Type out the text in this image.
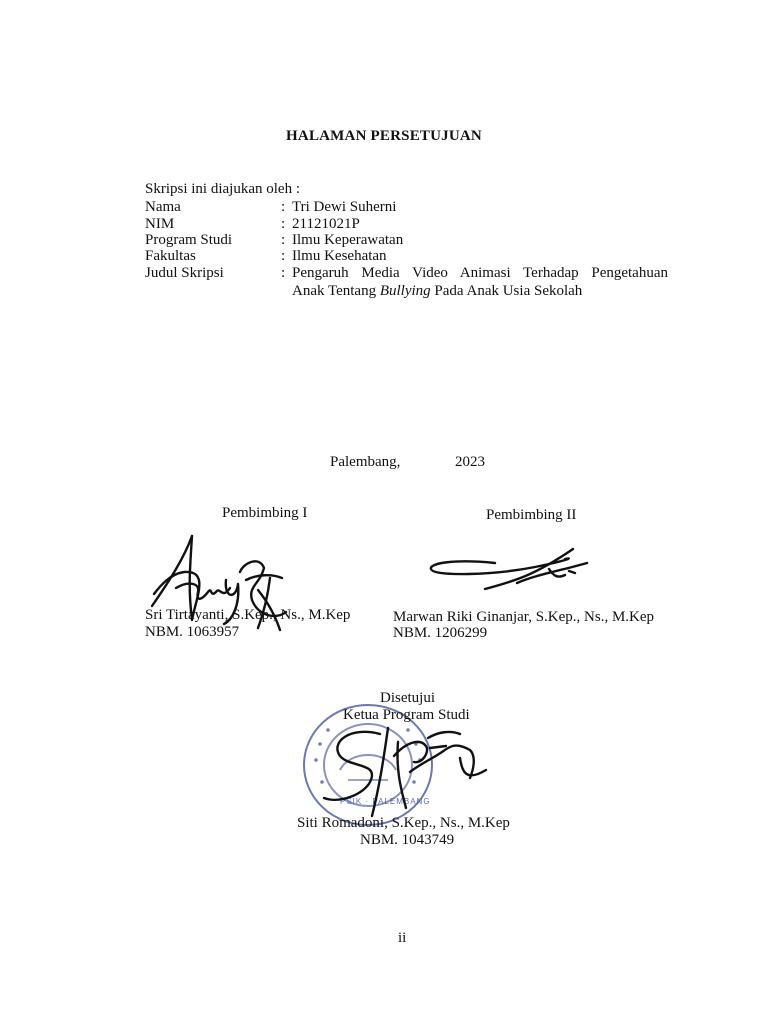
HALAMAN PERSETUJUAN
Skripsi ini diajukan oleh :
Nama	: Tri Dewi Suherni
NIM	: 21121021P
Program Studi	: Ilmu Keperawatan
Fakultas	: Ilmu Kesehatan
Judul Skripsi	: Pengaruh Media Video Animasi Terhadap Pengetahuan
Anak Tentang Bullying Pada Anak Usia Sekolah
Palembang,	2023
Pembimbing I	Pembimbing II
Sri Tirtayanti, S.Kep., Ns., M.Kep
NBM. 1063957
Marwan Riki Ginanjar, S.Kep., Ns., M.Kep
NBM. 1206299
PSIK · PALEMBANG
Disetujui
Ketua Program Studi
Siti Romadoni, S.Kep., Ns., M.Kep
NBM. 1043749
ii
